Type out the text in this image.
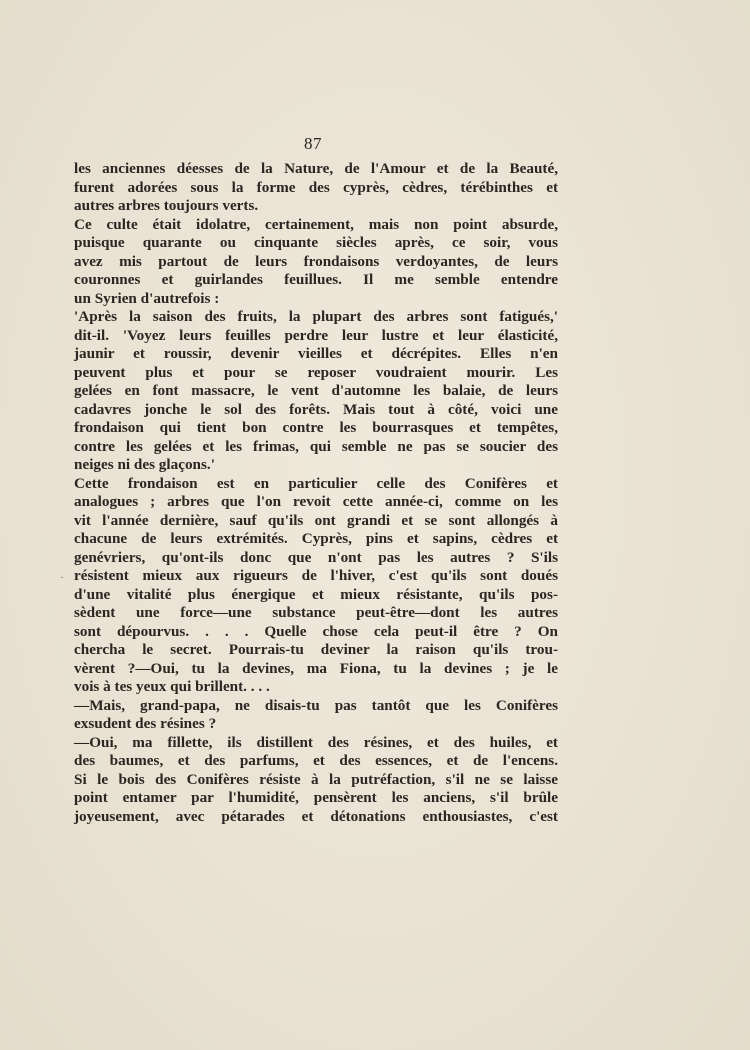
87
·
les anciennes déesses de la Nature, de l'Amour et de la Beauté,
furent adorées sous la forme des cyprès, cèdres, térébinthes et
autres arbres toujours verts.
Ce culte était idolatre, certainement, mais non point absurde,
puisque quarante ou cinquante siècles après, ce soir, vous
avez mis partout de leurs frondaisons verdoyantes, de leurs
couronnes et guirlandes feuillues. Il me semble entendre
un Syrien d'autrefois :
'Après la saison des fruits, la plupart des arbres sont fatigués,'
dit-il. 'Voyez leurs feuilles perdre leur lustre et leur élasticité,
jaunir et roussir, devenir vieilles et décrépites. Elles n'en
peuvent plus et pour se reposer voudraient mourir. Les
gelées en font massacre, le vent d'automne les balaie, de leurs
cadavres jonche le sol des forêts. Mais tout à côté, voici une
frondaison qui tient bon contre les bourrasques et tempêtes,
contre les gelées et les frimas, qui semble ne pas se soucier des
neiges ni des glaçons.'
Cette frondaison est en particulier celle des Conifères et
analogues ; arbres que l'on revoit cette année-ci, comme on les
vit l'année dernière, sauf qu'ils ont grandi et se sont allongés à
chacune de leurs extrémités. Cyprès, pins et sapins, cèdres et
genévriers, qu'ont-ils donc que n'ont pas les autres ? S'ils
résistent mieux aux rigueurs de l'hiver, c'est qu'ils sont doués
d'une vitalité plus énergique et mieux résistante, qu'ils pos-
sèdent une force—une substance peut-être—dont les autres
sont dépourvus. . . . Quelle chose cela peut-il être ? On
chercha le secret. Pourrais-tu deviner la raison qu'ils trou-
vèrent ?—Oui, tu la devines, ma Fiona, tu la devines ; je le
vois à tes yeux qui brillent. . . .
—Mais, grand-papa, ne disais-tu pas tantôt que les Conifères
exsudent des résines ?
—Oui, ma fillette, ils distillent des résines, et des huiles, et
des baumes, et des parfums, et des essences, et de l'encens.
Si le bois des Conifères résiste à la putréfaction, s'il ne se laisse
point entamer par l'humidité, pensèrent les anciens, s'il brûle
joyeusement, avec pétarades et détonations enthousiastes, c'est
